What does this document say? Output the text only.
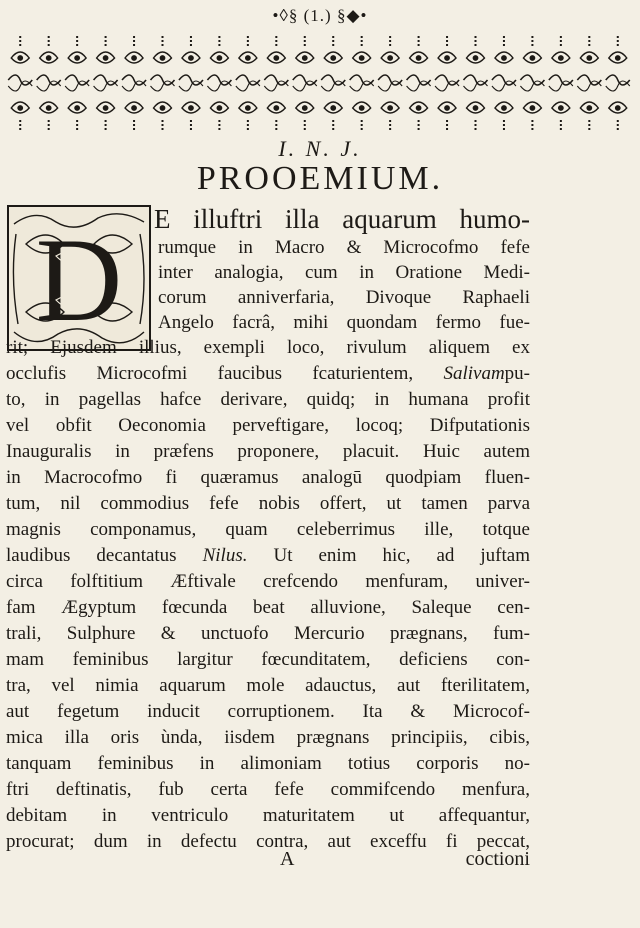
•◊§ (1.) §◆•
I. N. J.
PROOEMIUM.
D E illuftri illa aquarum humo-
rumque in Macro & Microcofmo fefe
inter analogia, cum in Oratione Medi-
corum anniverfaria, Divoque Raphaeli
Angelo facrâ, mihi quondam fermo fue-
rit; Ejusdem illius, exempli loco, rivulum aliquem ex
occlufis Microcofmi faucibus fcaturientem, Salivampu-
to, in pagellas hafce derivare, quidq; in humana profit
vel obfit Oeconomia perveftigare, locoq; Difputationis
Inauguralis in præfens proponere, placuit. Huic autem
in Macrocofmo fi quæramus analogū quodpiam fluen-
tum, nil commodius fefe nobis offert, ut tamen parva
magnis componamus, quam celeberrimus ille, totque
laudibus decantatus Nilus. Ut enim hic, ad juftam
circa folftitium Æftivale crefcendo menfuram, univer-
fam Ægyptum fœcunda beat alluvione, Saleque cen-
trali, Sulphure & unctuofo Mercurio prægnans, fum-
mam feminibus largitur fœcunditatem, deficiens con-
tra, vel nimia aquarum mole adauctus, aut fterilitatem,
aut fegetum inducit corruptionem. Ita & Microcof-
mica illa oris ùnda, iisdem prægnans principiis, cibis,
tanquam feminibus in alimoniam totius corporis no-
ftri deftinatis, fub certa fefe commifcendo menfura,
debitam in ventriculo maturitatem ut affequantur,
procurat; dum in defectu contra, aut exceffu fi peccat,
A	coctioni
